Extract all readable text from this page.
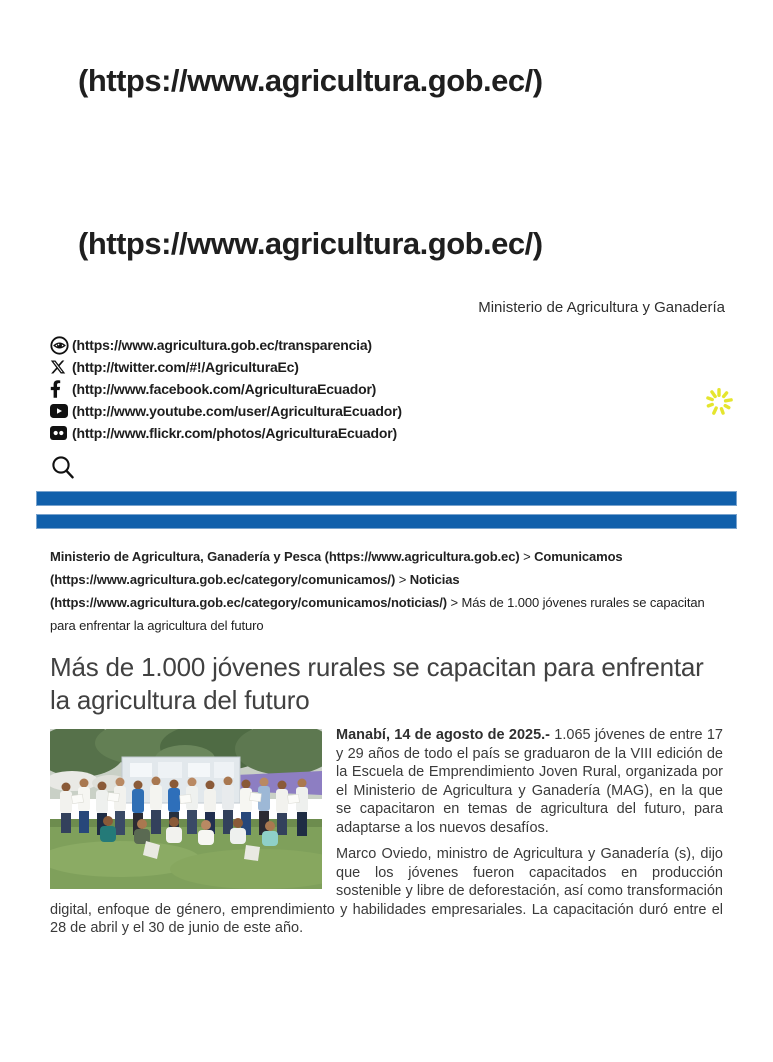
(https://www.agricultura.gob.ec/)
(https://www.agricultura.gob.ec/)
Ministerio de Agricultura y Ganadería
(https://www.agricultura.gob.ec/transparencia)
(http://twitter.com/#!/AgriculturaEc)
(http://www.facebook.com/AgriculturaEcuador)
(http://www.youtube.com/user/AgriculturaEcuador)
(http://www.flickr.com/photos/AgriculturaEcuador)
Ministerio de Agricultura, Ganadería y Pesca (https://www.agricultura.gob.ec) > Comunicamos (https://www.agricultura.gob.ec/category/comunicamos/) > Noticias (https://www.agricultura.gob.ec/category/comunicamos/noticias/) > Más de 1.000 jóvenes rurales se capacitan para enfrentar la agricultura del futuro
Más de 1.000 jóvenes rurales se capacitan para enfrentar la agricultura del futuro

Manabí, 14 de agosto de 2025.- 1.065 jóvenes de entre 17 y 29 años de todo el país se graduaron de la VIII edición de la Escuela de Emprendimiento Joven Rural, organizada por el Ministerio de Agricultura y Ganadería (MAG), en la que se capacitaron en temas de agricultura del futuro, para adaptarse a los nuevos desafíos.

Marco Oviedo, ministro de Agricultura y Ganadería (s), dijo que los jóvenes fueron capacitados en producción sostenible y libre de deforestación, así como transformación digital, enfoque de género, emprendimiento y habilidades empresariales. La capacitación duró entre el 28 de abril y el 30 de junio de este año.
